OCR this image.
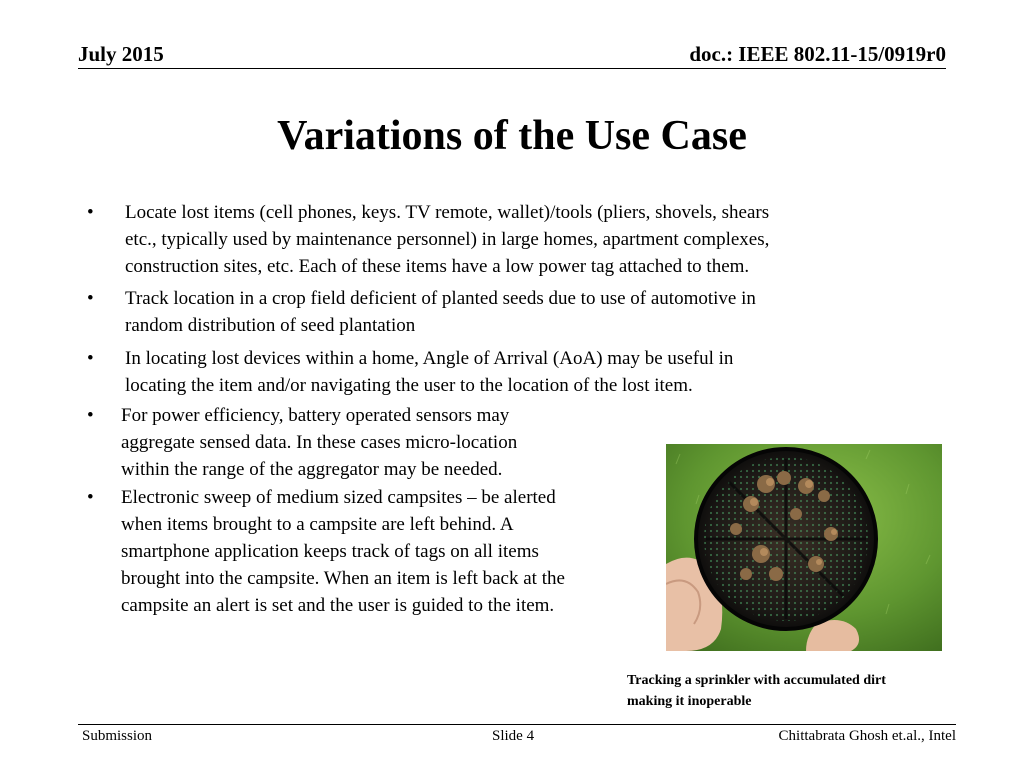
July 2015	doc.: IEEE 802.11-15/0919r0
Variations of the Use Case
• Locate lost items (cell phones, keys. TV remote, wallet)/tools (pliers, shovels, shears
etc., typically used by maintenance personnel) in large homes, apartment complexes,
construction sites, etc. Each of these items have a low power tag attached to them.
• Track location in a crop field deficient of planted seeds due to use of automotive in
random distribution of seed plantation
• In locating lost devices within a home, Angle of Arrival (AoA) may be useful in
locating the item and/or navigating the user to the location of the lost item.
• For power efficiency, battery operated sensors may
aggregate sensed data. In these cases micro-location
within the range of the aggregator may be needed.
• Electronic sweep of medium sized campsites – be alerted
when items brought to a campsite are left behind. A
smartphone application keeps track of tags on all items
brought into the campsite. When an item is left back at the
campsite an alert is set and the user is guided to the item.
Tracking a sprinkler with accumulated dirt
making it inoperable
Submission	Slide 4	Chittabrata Ghosh et.al., Intel
